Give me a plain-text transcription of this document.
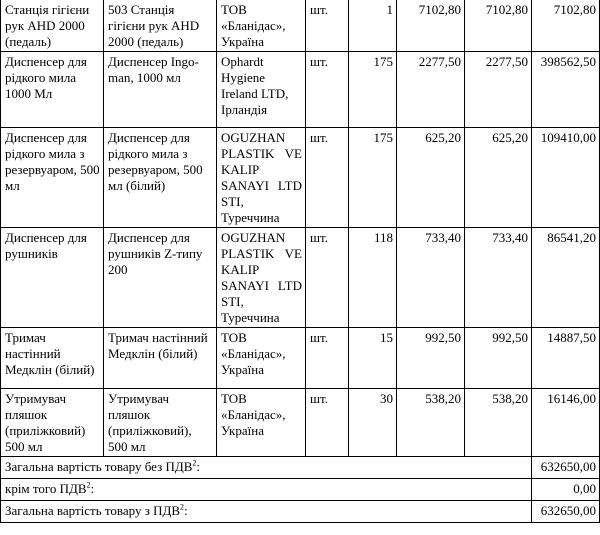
Станція гігієни рук AHD 2000 (педаль)	503 Станція гігієни рук AHD 2000 (педаль)	ТОВ «Бланідас», Україна	шт.	1	7102,80	7102,80	7102,80
Диспенсер для рідкого мила 1000 Мл	Диспенсер Ingo-man, 1000 мл	Ophardt Hygiene Ireland LTD, Ірландія	шт.	175	2277,50	2277,50	398562,50
Диспенсер для рідкого мила з резервуаром, 500 мл	Диспенсер для рідкого мила з резервуаром, 500 мл (білий)	OGUZHAN PLASTIK VE KALIP SANAYI LTD STI, Туреччина	шт.	175	625,20	625,20	109410,00
Диспенсер для рушників	Диспенсер для рушників Z-типу 200	OGUZHAN PLASTIK VE KALIP SANAYI LTD STI, Туреччина	шт.	118	733,40	733,40	86541,20
Тримач настінний Медклін (білий)	Тримач настінний Медклін (білий)	ТОВ «Бланідас», Україна	шт.	15	992,50	992,50	14887,50
Утримувач пляшок (приліжковий) 500 мл	Утримувач пляшок (приліжковий), 500 мл	ТОВ «Бланідас», Україна	шт.	30	538,20	538,20	16146,00
Загальна вартість товару без ПДВ$^2$:							632650,00
крім того ПДВ$^2$:							0,00
Загальна вартість товару з ПДВ$^2$:							632650,00
